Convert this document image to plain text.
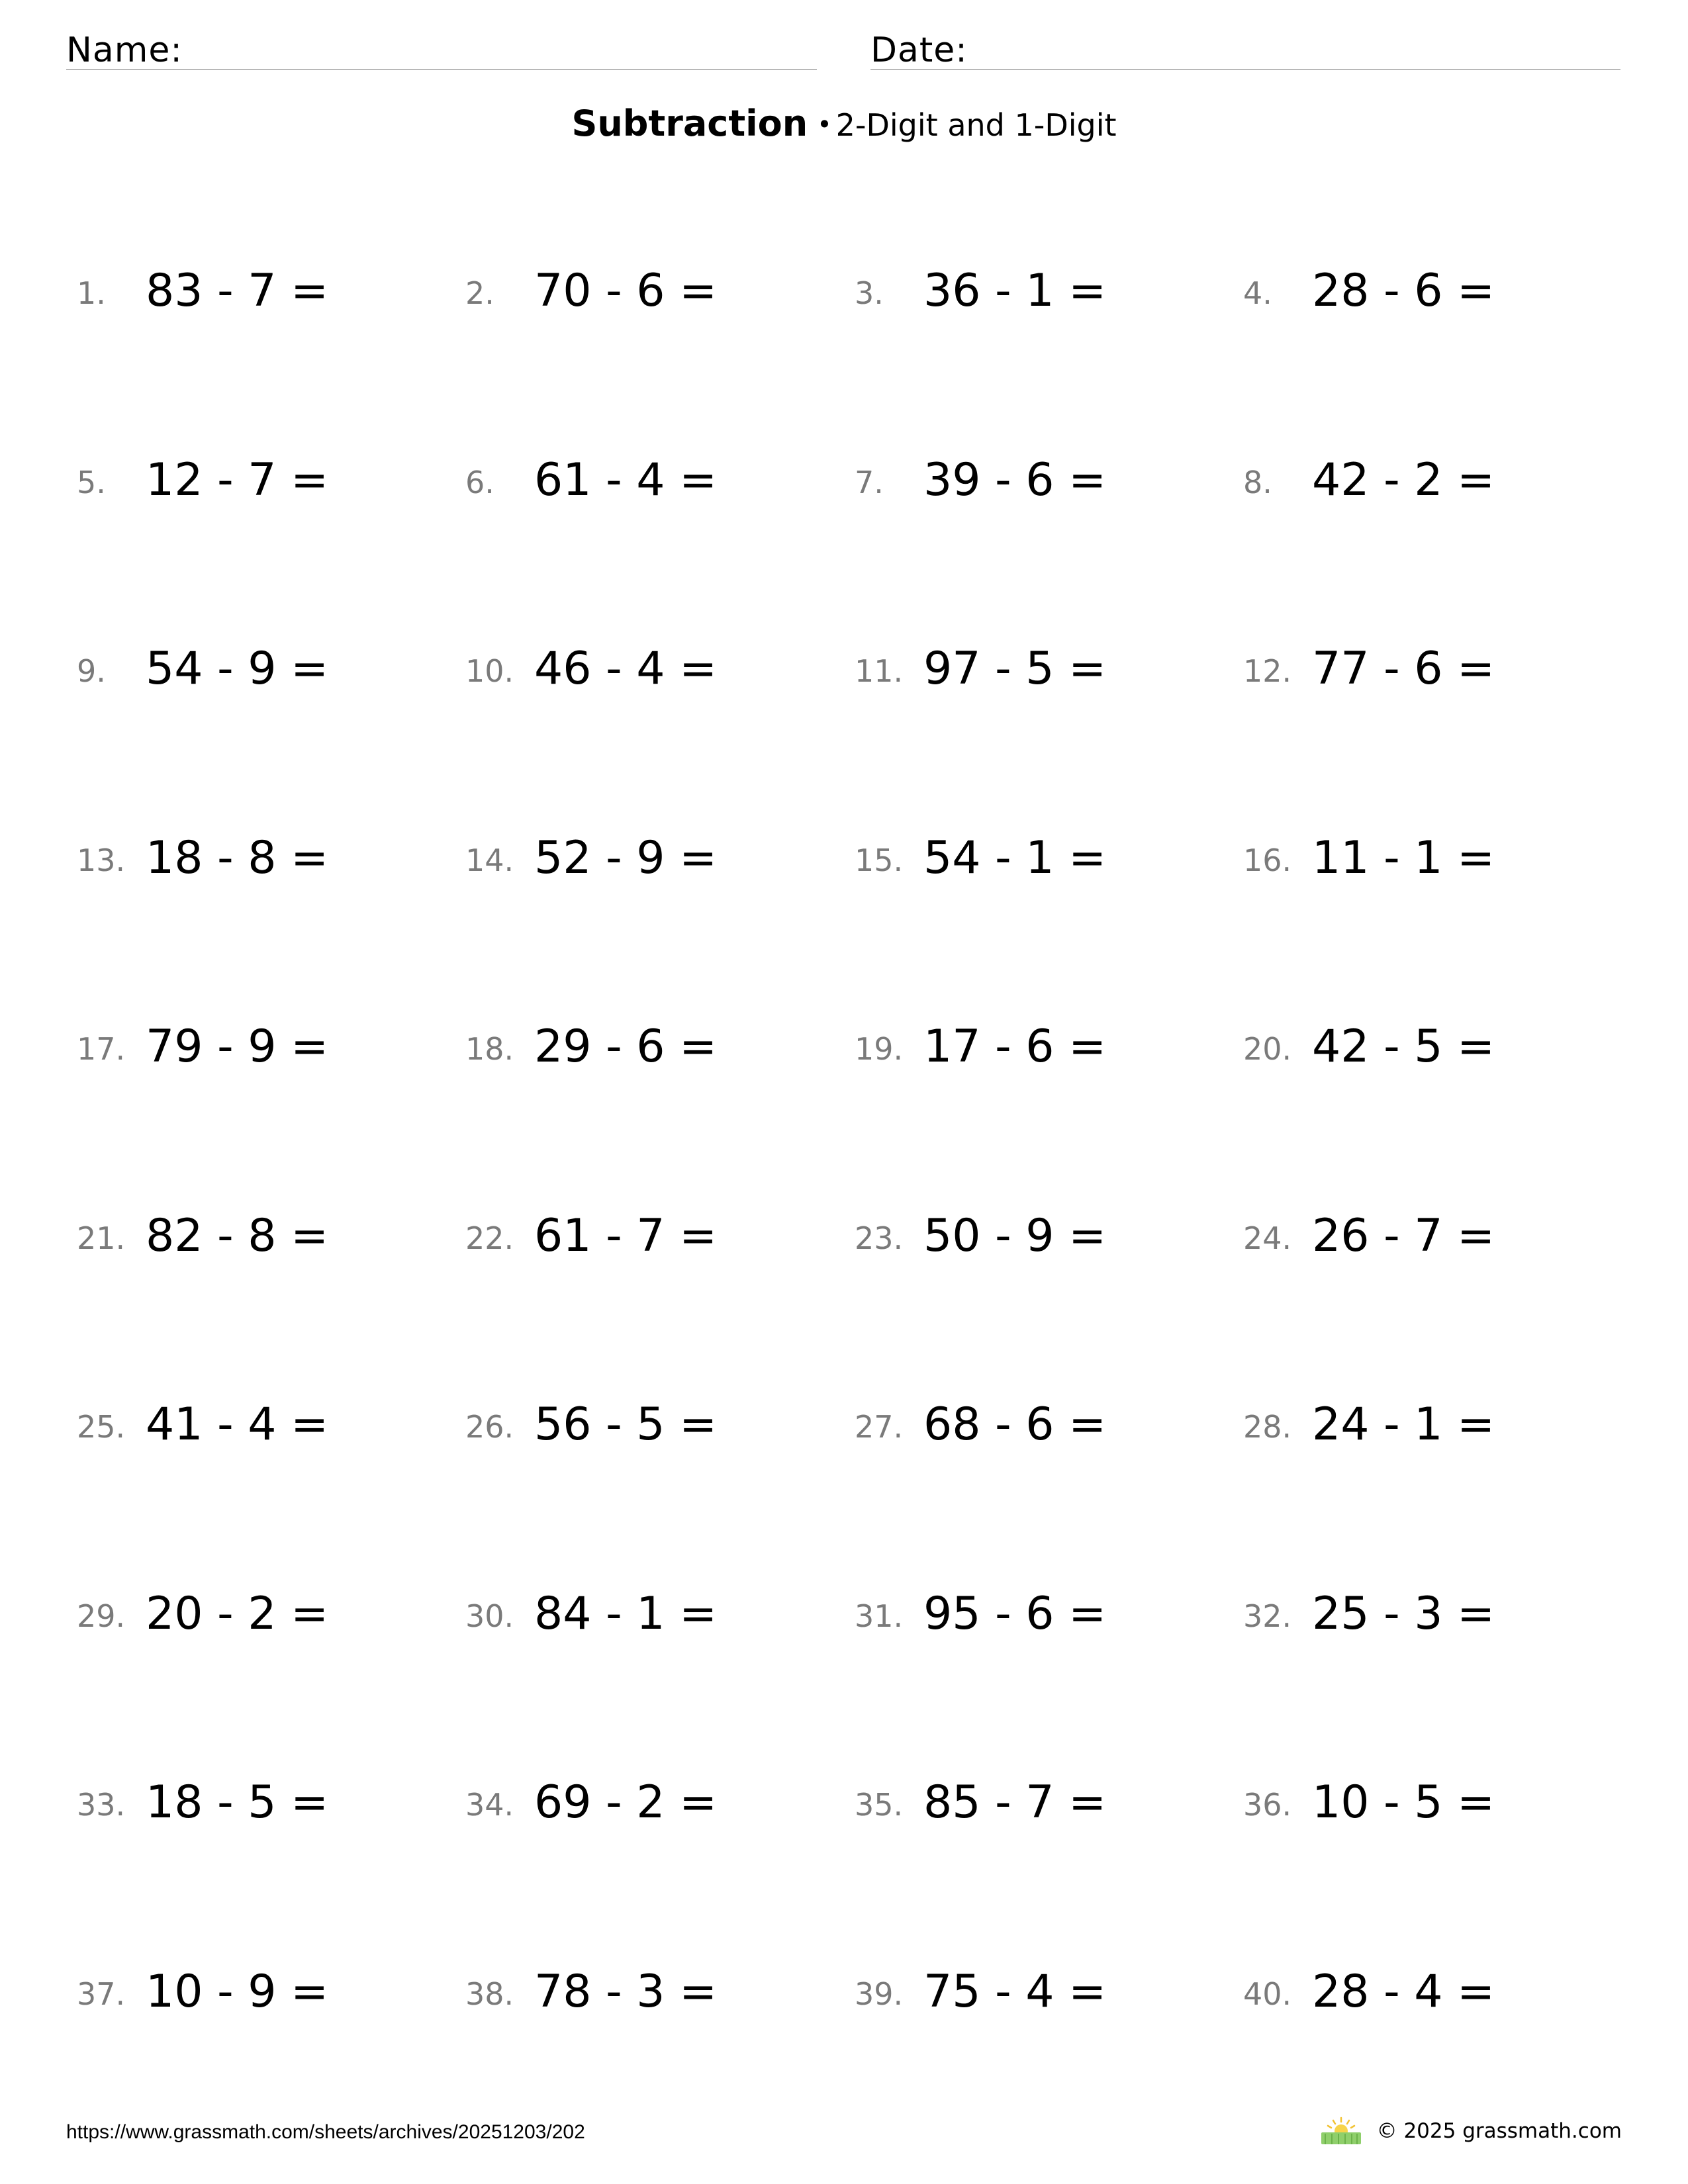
Name:	Date:
Subtraction • 2-Digit and 1-Digit
1. 83 - 7 =	2. 70 - 6 =	3. 36 - 1 =	4. 28 - 6 =
5. 12 - 7 =	6. 61 - 4 =	7. 39 - 6 =	8. 42 - 2 =
9. 54 - 9 =	10. 46 - 4 =	11. 97 - 5 =	12. 77 - 6 =
13. 18 - 8 =	14. 52 - 9 =	15. 54 - 1 =	16. 11 - 1 =
17. 79 - 9 =	18. 29 - 6 =	19. 17 - 6 =	20. 42 - 5 =
21. 82 - 8 =	22. 61 - 7 =	23. 50 - 9 =	24. 26 - 7 =
25. 41 - 4 =	26. 56 - 5 =	27. 68 - 6 =	28. 24 - 1 =
29. 20 - 2 =	30. 84 - 1 =	31. 95 - 6 =	32. 25 - 3 =
33. 18 - 5 =	34. 69 - 2 =	35. 85 - 7 =	36. 10 - 5 =
37. 10 - 9 =	38. 78 - 3 =	39. 75 - 4 =	40. 28 - 4 =
https://www.grassmath.com/sheets/archives/20251203/202	© 2025 grassmath.com
